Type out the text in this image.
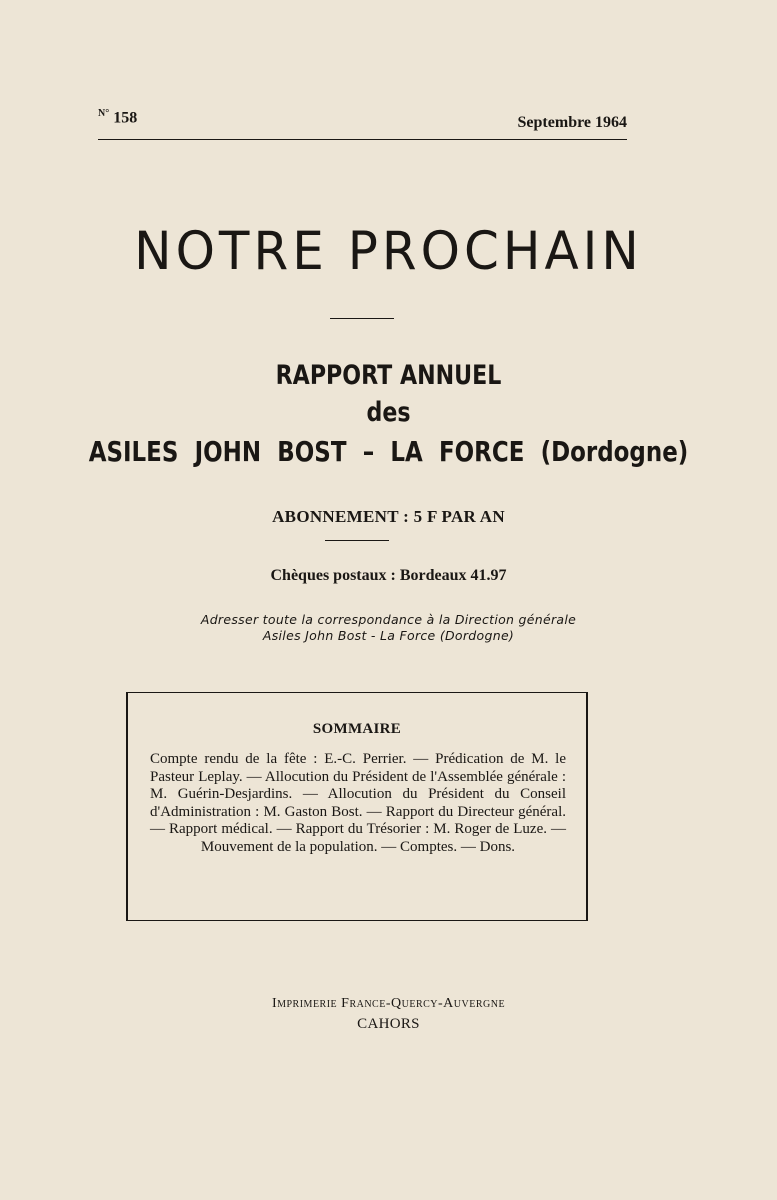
$^{N^\circ}$ 158	Septembre 1964
NOTRE PROCHAIN
RAPPORT ANNUEL
des
ASILES JOHN BOST – LA FORCE (Dordogne)
ABONNEMENT : 5 F PAR AN
Chèques postaux : Bordeaux 41.97
Adresser toute la correspondance à la Direction générale
Asiles John Bost - La Force (Dordogne)
SOMMAIRE
Compte rendu de la fête : E.-C. Perrier. — Prédication de M. le Pasteur Leplay. — Allocution du Président de l'Assemblée générale : M. Guérin-Desjardins. — Allocution du Président du Conseil d'Administration : M. Gaston Bost. — Rapport du Directeur général. — Rapport médical. — Rapport du Trésorier : M. Roger de Luze. — Mouvement de la population. — Comptes. — Dons.
Imprimerie France-Quercy-Auvergne
CAHORS
